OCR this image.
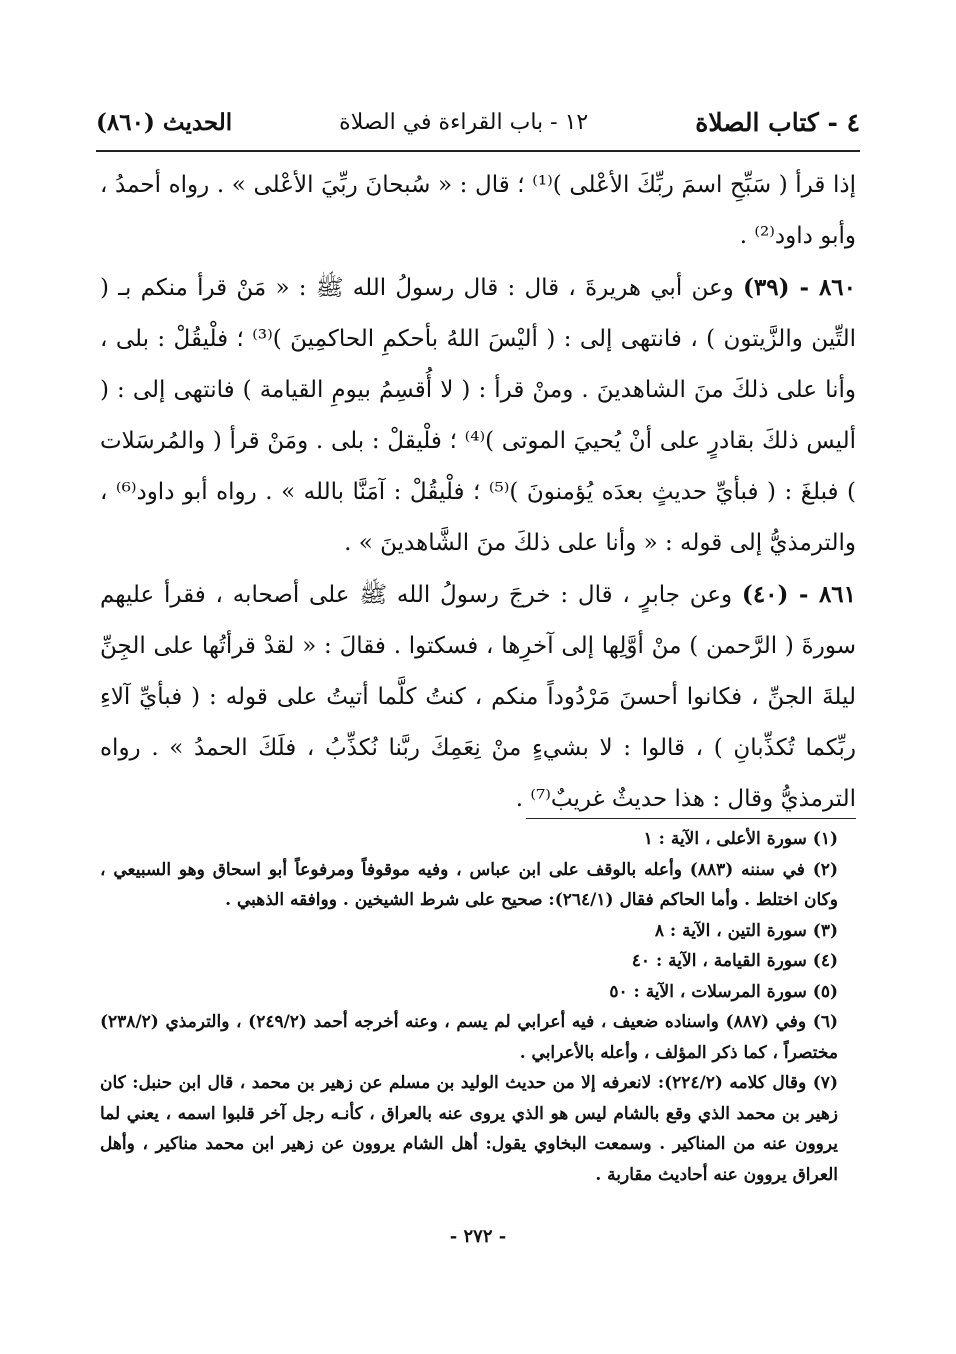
٤ - كتاب الصلاة
١٢ - باب القراءة في الصلاة
الحديث (٨٦٠)

إذا قرأ ( سَبِّحِ اسمَ ربِّكَ الأعْلى )⁽¹⁾ ؛ قال : « سُبحانَ ربِّيَ الأعْلى » . رواه أحمدُ ، وأبو داود⁽²⁾ .

٨٦٠ - (٣٩) وعن أبي هريرةَ ، قال : قال رسولُ الله ﷺ : « مَنْ قرأ منكم بـ ( التِّين والزَّيتون ) ، فانتهى إلى : ( أليْسَ اللهُ بأحكمِ الحاكمِينَ )⁽³⁾ ؛ فلْيقُلْ : بلى ، وأنا على ذلكَ منَ الشاهدينَ . ومنْ قرأ : ( لا أُقسِمُ بيومِ القيامة ) فانتهى إلى : ( أليس ذلكَ بقادرٍ على أنْ يُحييَ الموتى )⁽⁴⁾ ؛ فلْيقلْ : بلى . ومَنْ قرأ ( والمُرسَلات ) فبلغَ : ( فبأيِّ حديثٍ بعدَه يُؤمنونَ )⁽⁵⁾ ؛ فلْيقُلْ : آمَنَّا بالله » . رواه أبو داود⁽⁶⁾ ، والترمذيُّ إلى قوله : « وأنا على ذلكَ منَ الشَّاهدينَ » .

٨٦١ - (٤٠) وعن جابرٍ ، قال : خرجَ رسولُ الله ﷺ على أصحابه ، فقرأ عليهم سورةَ ( الرَّحمن ) منْ أوَّلِها إلى آخرِها ، فسكتوا . فقالَ : « لقدْ قرأتُها على الجِنِّ ليلةَ الجنِّ ، فكانوا أحسنَ مَرْدُوداً منكم ، كنتُ كلَّما أتيتُ على قوله : ( فبأيِّ آلاءِ ربِّكما تُكذِّبانِ ) ، قالوا : لا بشيءٍ منْ نِعَمِكَ ربَّنا نُكذِّبُ ، فلَكَ الحمدُ » . رواه الترمذيُّ وقال : هذا حديثٌ غريبٌ⁽⁷⁾ .

(١) سورة الأعلى ، الآية : ١

(٢) في سننه (٨٨٣) وأعله بالوقف على ابن عباس ، وفيه موقوفاً ومرفوعاً أبو اسحاق وهو السبيعي ، وكان اختلط . وأما الحاكم فقال (٢٦٤/١): صحيح على شرط الشيخين . ووافقه الذهبي .

(٣) سورة التين ، الآية : ٨

(٤) سورة القيامة ، الآية : ٤٠

(٥) سورة المرسلات ، الآية : ٥٠

(٦) وفي (٨٨٧) واسناده ضعيف ، فيه أعرابي لم يسم ، وعنه أخرجه أحمد (٢٤٩/٢) ، والترمذي (٢٣٨/٢) مختصراً ، كما ذكر المؤلف ، وأعله بالأعرابي .

(٧) وقال كلامه (٢٢٤/٢): لانعرفه إلا من حديث الوليد بن مسلم عن زهير بن محمد ، قال ابن حنبل: كان زهير بن محمد الذي وقع بالشام ليس هو الذي يروى عنه بالعراق ، كأنـه رجل آخر قلبوا اسمه ، يعني لما يروون عنه من المناكير . وسمعت البخاوي يقول: أهل الشام يروون عن زهير ابن محمد مناكير ، وأهل العراق يروون عنه أحاديث مقاربة .

- ٢٧٢ -
